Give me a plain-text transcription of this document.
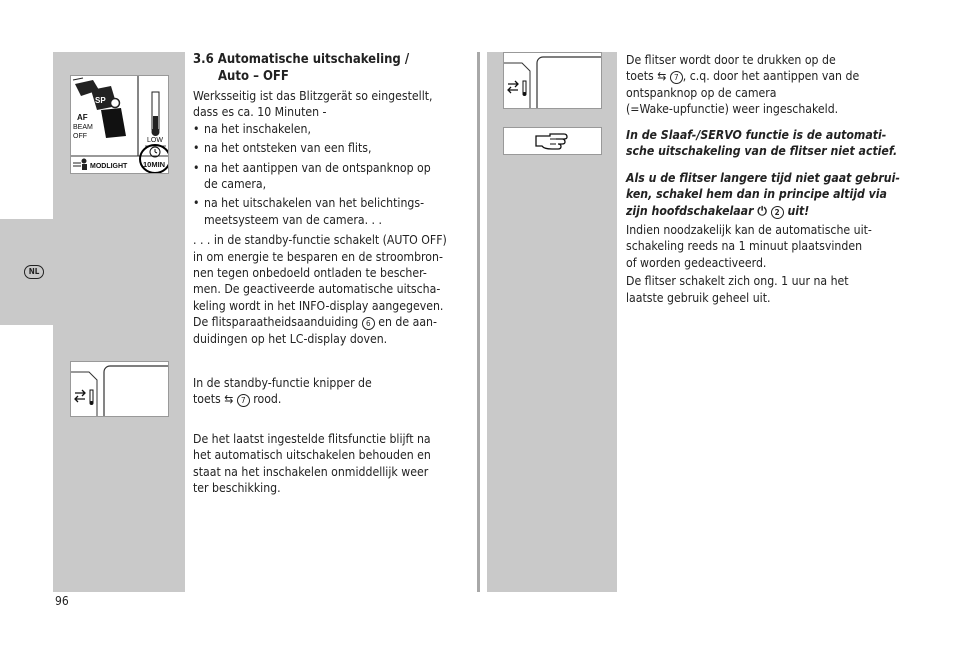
NL
SP
AF
BEAM
OFF
LOW
MODLIGHT 10MIN

3.6 Automatische uitschakeling /

Auto – OFF

Werksseitig ist das Blitzgerät so eingestellt,

dass es ca. 10 Minuten -

• na het inschakelen,

• na het ontsteken van een flits,

• na het aantippen van de ontspanknop op
de camera,

• na het uitschakelen van het belichtings-
meetsysteem van de camera. . .

. . . in de standby-functie schakelt (AUTO OFF)

in om energie te besparen en de stroombron-

nen tegen onbedoeld ontladen te bescher-

men. De geactiveerde automatische uitscha-

keling wordt in het INFO-display aangegeven.

De flitsparaatheidsaanduiding 6 en de aan-

duidingen op het LC-display doven.

In de standby-functie knipper de

toets ⇆ 7 rood.

De het laatst ingestelde flitsfunctie blijft na

het automatisch uitschakelen behouden en

staat na het inschakelen onmiddellijk weer

ter beschikking.

De flitser wordt door te drukken op de

toets ⇆ 7 , c.q. door het aantippen van de

ontspanknop op de camera

(=Wake-upfunctie) weer ingeschakeld.

In de Slaaf-/SERVO functie is de automati-

sche uitschakeling van de flitser niet actief.

Als u de flitser langere tijd niet gaat gebrui-

ken, schakel hem dan in principe altijd via

zijn hoofdschakelaar ⏻ 2 uit!

Indien noodzakelijk kan de automatische uit-

schakeling reeds na 1 minuut plaatsvinden

of worden gedeactiveerd.

De flitser schakelt zich ong. 1 uur na het

laatste gebruik geheel uit.

96
